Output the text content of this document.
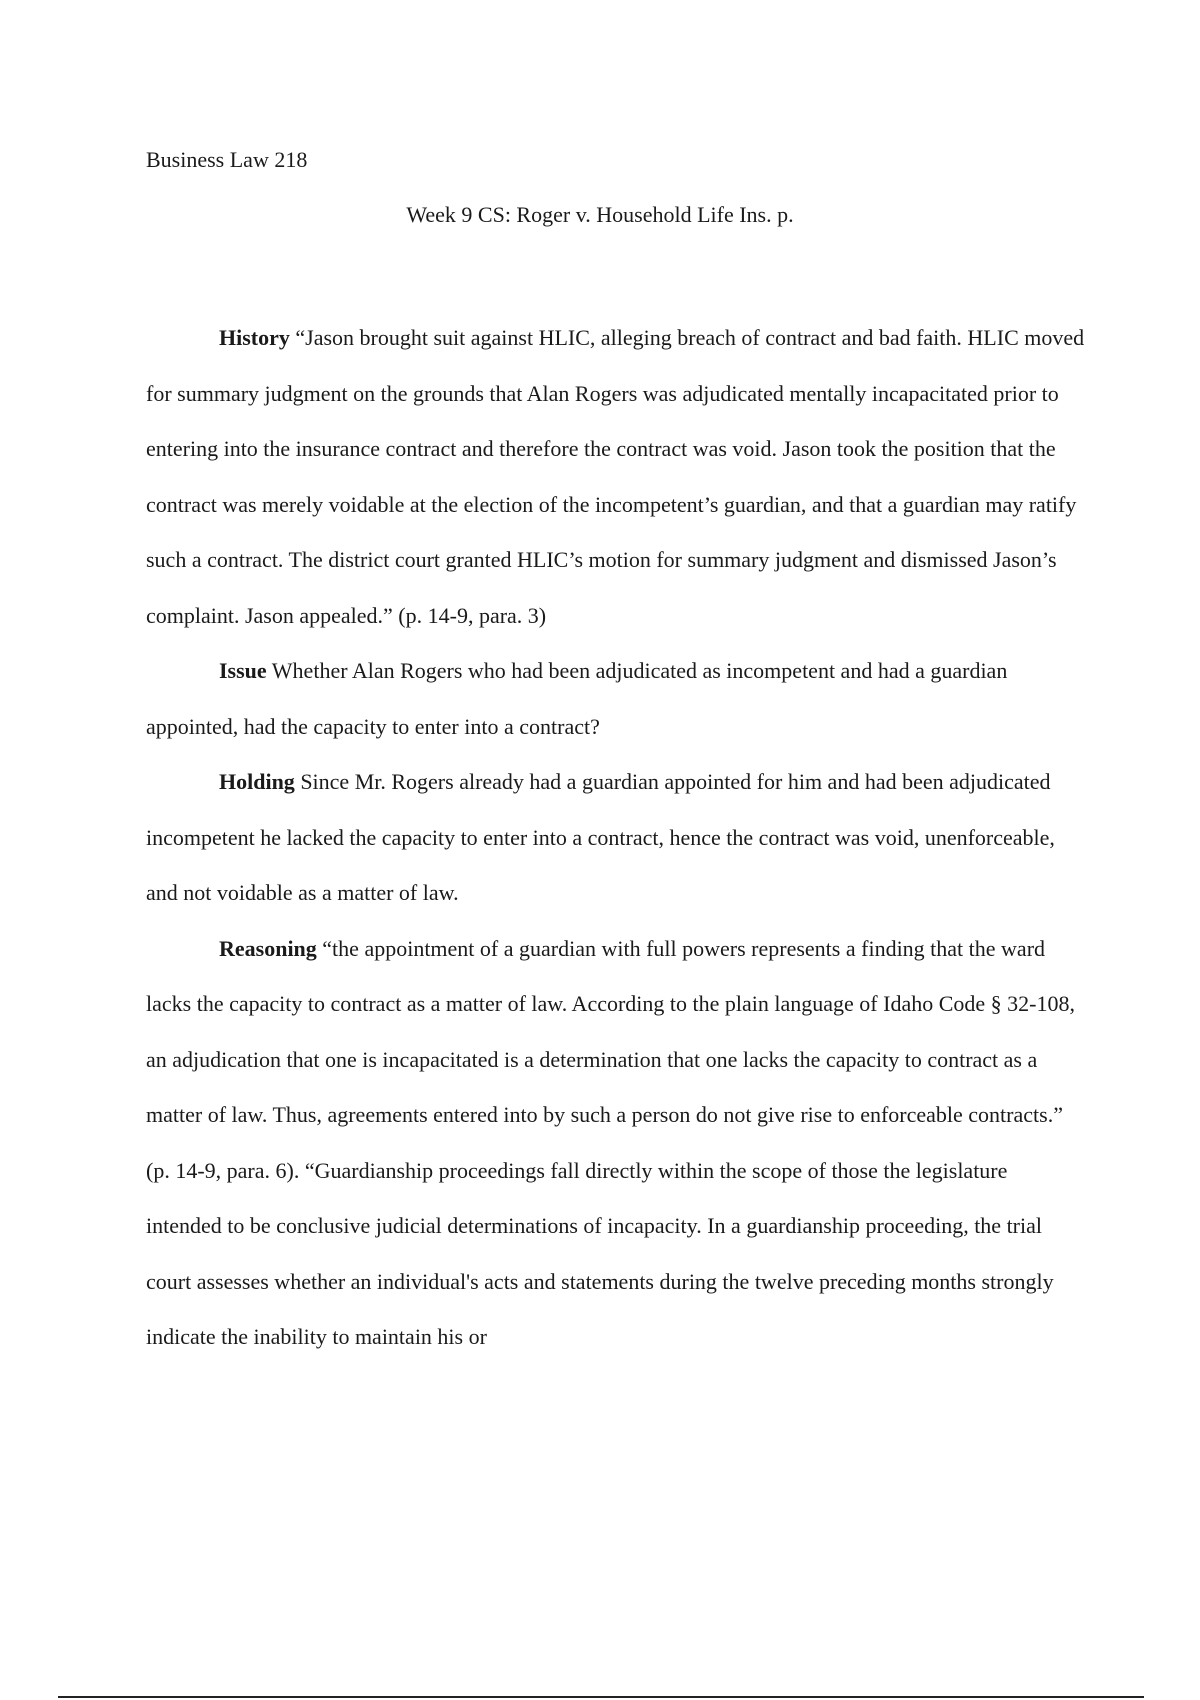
Business Law 218
Week 9 CS: Roger v. Household Life Ins. p.

History “Jason brought suit against HLIC, alleging breach of contract and bad faith. HLIC moved for summary judgment on the grounds that Alan Rogers was adjudicated mentally incapacitated prior to entering into the insurance contract and therefore the contract was void. Jason took the position that the contract was merely voidable at the election of the incompetent’s guardian, and that a guardian may ratify such a contract. The district court granted HLIC’s motion for summary judgment and dismissed Jason’s complaint. Jason appealed.” (p. 14-9, para. 3)

Issue Whether Alan Rogers who had been adjudicated as incompetent and had a guardian appointed, had the capacity to enter into a contract?

Holding Since Mr. Rogers already had a guardian appointed for him and had been adjudicated incompetent he lacked the capacity to enter into a contract, hence the contract was void, unenforceable, and not voidable as a matter of law.

Reasoning “the appointment of a guardian with full powers represents a finding that the ward lacks the capacity to contract as a matter of law. According to the plain language of Idaho Code § 32-108, an adjudication that one is incapacitated is a determination that one lacks the capacity to contract as a matter of law. Thus, agreements entered into by such a person do not give rise to enforceable contracts.” (p. 14-9, para. 6). “Guardianship proceedings fall directly within the scope of those the legislature intended to be conclusive judicial determinations of incapacity. In a guardianship proceeding, the trial court assesses whether an individual's acts and statements during the twelve preceding months strongly indicate the inability to maintain his or
